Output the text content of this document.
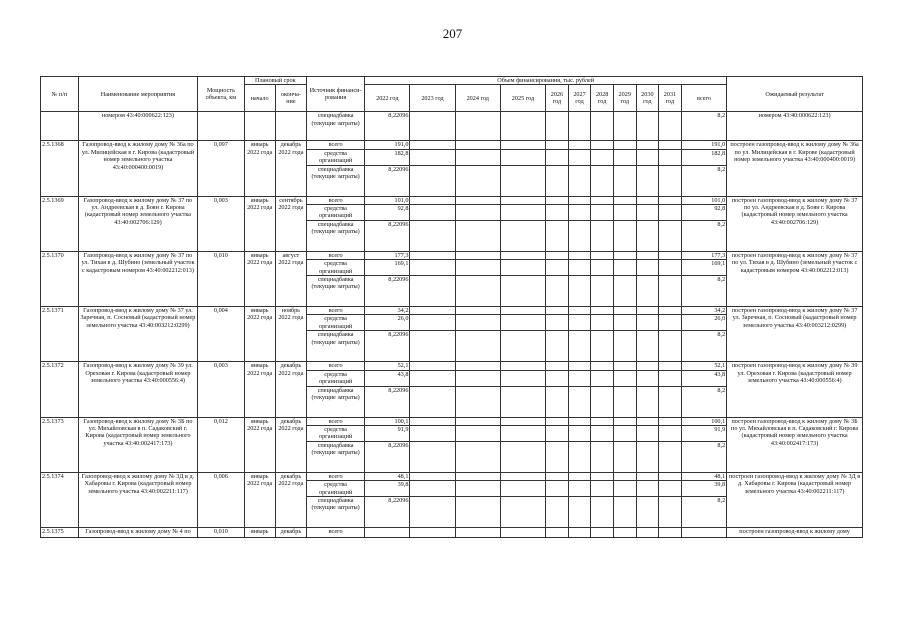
207
№ п/п	Наименование мероприятия	Мощность объекта, км	Плановый срок		Источник финанси-рования	Объем финансирования, тыс. рублей											Ожидаемый результат
			начало	оконча-ние		2022 год	2023 год	2024 год	2025 год	2026 год	2027 год	2028 год	2029 год	2030 год	2031 год	всего	
	номером 43:40:000622:123)				спецнадбавка (текущие затраты)	8,22096										8,2	номером 43:40:000622:123)
2.5.1368	Газопровод-ввод к жилому дому № 36а по ул. Милицейская в г. Кирова (кадастровый номер земельного участка 43:40:000400:0019)	0,097	январь 2022 года	декабрь 2022 года	всего	191,0										191,0	построен газопровод-ввод к жилому дому № 36а по ул. Милицейская в г. Кирове (кадастровый номер земельного участка 43:40:000400:0019)
					средства организаций	182,8										182,8	
					спецнадбавка (текущие затраты)	8,22096										8,2	
2.5.1369	Газопровод-ввод к жилому дому № 37 по ул. Андреевская в д. Боян г. Кирова (кадастровый номер земельного участка 43:40:002706:129)	0,003	январь 2022 года	сентябрь 2022 года	всего	101,0										101,0	построен газопровод-ввод к жилому дому № 37 по ул. Андреевская в д. Боян г. Кирова (кадастровый номер земельного участка 43:40:002706:129)
					средства организаций	92,8										92,8	
					спецнадбавка (текущие затраты)	8,22096										8,2	
2.5.1370	Газопровод-ввод к жилому дому № 37 по ул. Тихая в д. Шубино (земельный участок с кадастровым номером 43:40:002212:013)	0,010	январь 2022 года	август 2022 года	всего	177,3										177,3	построен газопровод-ввод к жилому дому № 37 по ул. Тихая в д. Шубино (земельный участок с кадастровым номером 43:40:002212:013)
					средства организаций	169,1										169,1	
					спецнадбавка (текущие затраты)	8,22096										8,2	
2.5.1371	Газопровод-ввод к жилому дому № 37 ул. Заречная, п. Сосновый (кадастровый номер земельного участка 43:40:003212:0299)	0,004	январь 2022 года	ноябрь 2022 года	всего	34,2										34,2	построен газопровод-ввод к жилому дому № 37 ул. Заречная, п. Сосновый (кадастровый номер земельного участка 43:40:003212:0299)
					средства организаций	26,0										26,0	
					спецнадбавка (текущие затраты)	8,22096										8,2	
2.5.1372	Газопровод-ввод к жилому дому № 39 ул. Ореховая г. Кирова (кадастровый номер земельного участка 43:40:000556:4)	0,003	январь 2022 года	декабрь 2022 года	всего	52,1										52,1	построен газопровод-ввод к жилому дому № 39 ул. Ореховая г. Кирова (кадастровый номер земельного участка 43:40:000556:4)
					средства организаций	43,8										43,8	
					спецнадбавка (текущие затраты)	8,22096										8,2	
2.5.1373	Газопровод-ввод к жилому дому № 3Б по ул. Михайловская в п. Садаковский г. Кирова (кадастровый номер земельного участка 43:40:002417:173)	0,012	январь 2022 года	декабрь 2022 года	всего	100,1										100,1	построен газопровод-ввод к жилому дому № 3Б по ул. Михайловская в п. Садаковский г. Кирова (кадастровый номер земельного участка 43:40:002417:173)
					средства организаций	91,9										91,9	
					спецнадбавка (текущие затраты)	8,22096										8,2	
2.5.1374	Газопровод-ввод к жилому дому № 3Д в д. Хабаровы г. Кирова (кадастровый номер земельного участка 43:40:002211:117)	0,006	январь 2022 года	декабрь 2022 года	всего	48,1										48,1	построен газопровод-ввод к жилому дому № 3Д в д. Хабаровы г. Кирова (кадастровый номер земельного участка 43:40:002211:117)
					средства организаций	39,8										39,8	
					спецнадбавка (текущие затраты)	8,22096										8,2	
2.5.1375	Газопровод-ввод к жилому дому № 4 по	0,010	январь	декабрь	всего												построен газопровод-ввод к жилому дому
